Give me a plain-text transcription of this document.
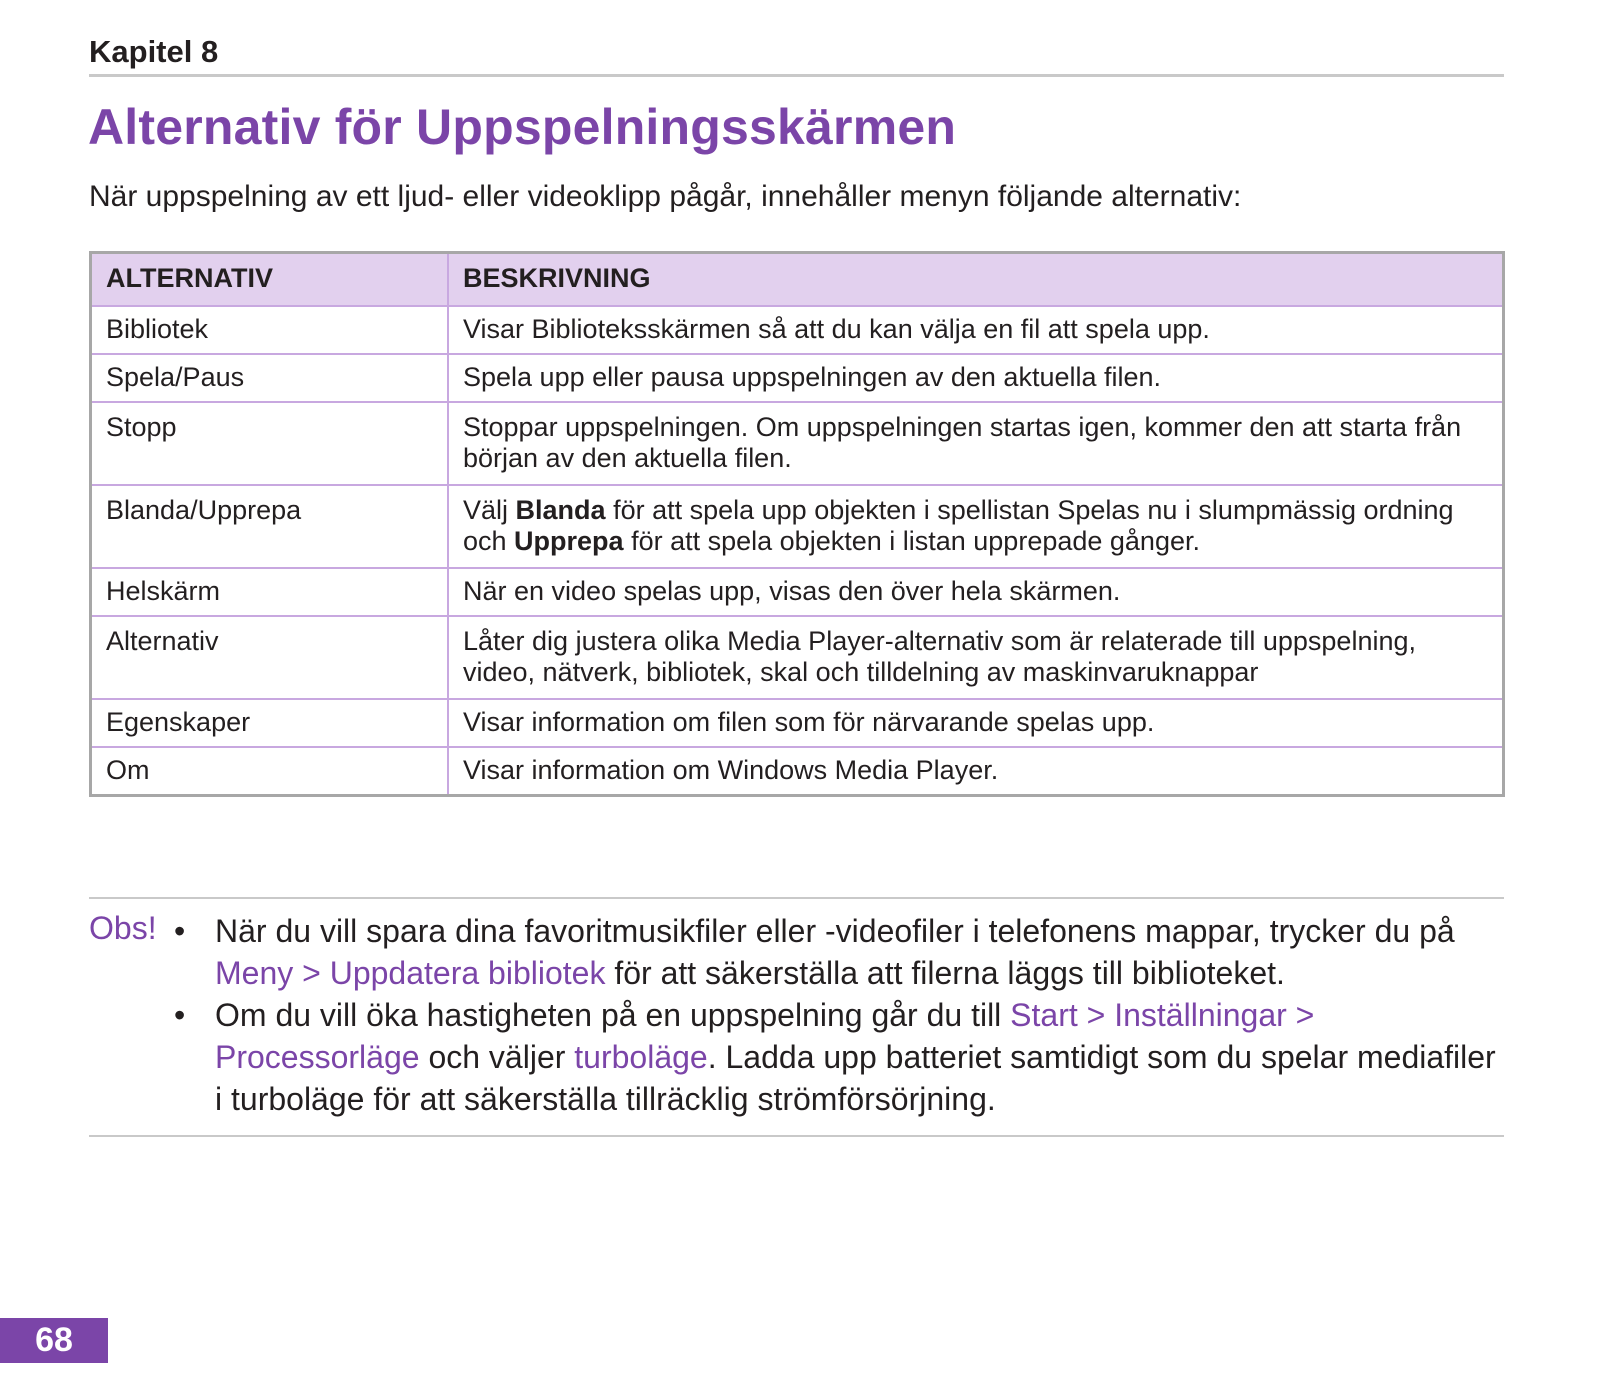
Kapitel 8
Alternativ för Uppspelningsskärmen

När uppspelning av ett ljud- eller videoklipp pågår, innehåller menyn följande alternativ:

ALTERNATIV	BESKRIVNING
Bibliotek	Visar Biblioteksskärmen så att du kan välja en fil att spela upp.
Spela/Paus	Spela upp eller pausa uppspelningen av den aktuella filen.
Stopp	Stoppar uppspelningen. Om uppspelningen startas igen, kommer den att starta från början av den aktuella filen.
Blanda/Upprepa	Välj Blanda för att spela upp objekten i spellistan Spelas nu i slumpmässig ordning och Upprepa för att spela objekten i listan upprepade gånger.
Helskärm	När en video spelas upp, visas den över hela skärmen.
Alternativ	Låter dig justera olika Media Player-alternativ som är relaterade till uppspelning, video, nätverk, bibliotek, skal och tilldelning av maskinvaruknappar
Egenskaper	Visar information om filen som för närvarande spelas upp.
Om	Visar information om Windows Media Player.
Obs! • När du vill spara dina favoritmusikfiler eller -videofiler i telefonens mappar, trycker du på Meny > Uppdatera bibliotek för att säkerställa att filerna läggs till biblioteket.
• Om du vill öka hastigheten på en uppspelning går du till Start > Inställningar > Processorläge och väljer turboläge. Ladda upp batteriet samtidigt som du spelar mediafiler i turboläge för att säkerställa tillräcklig strömförsörjning.
68
